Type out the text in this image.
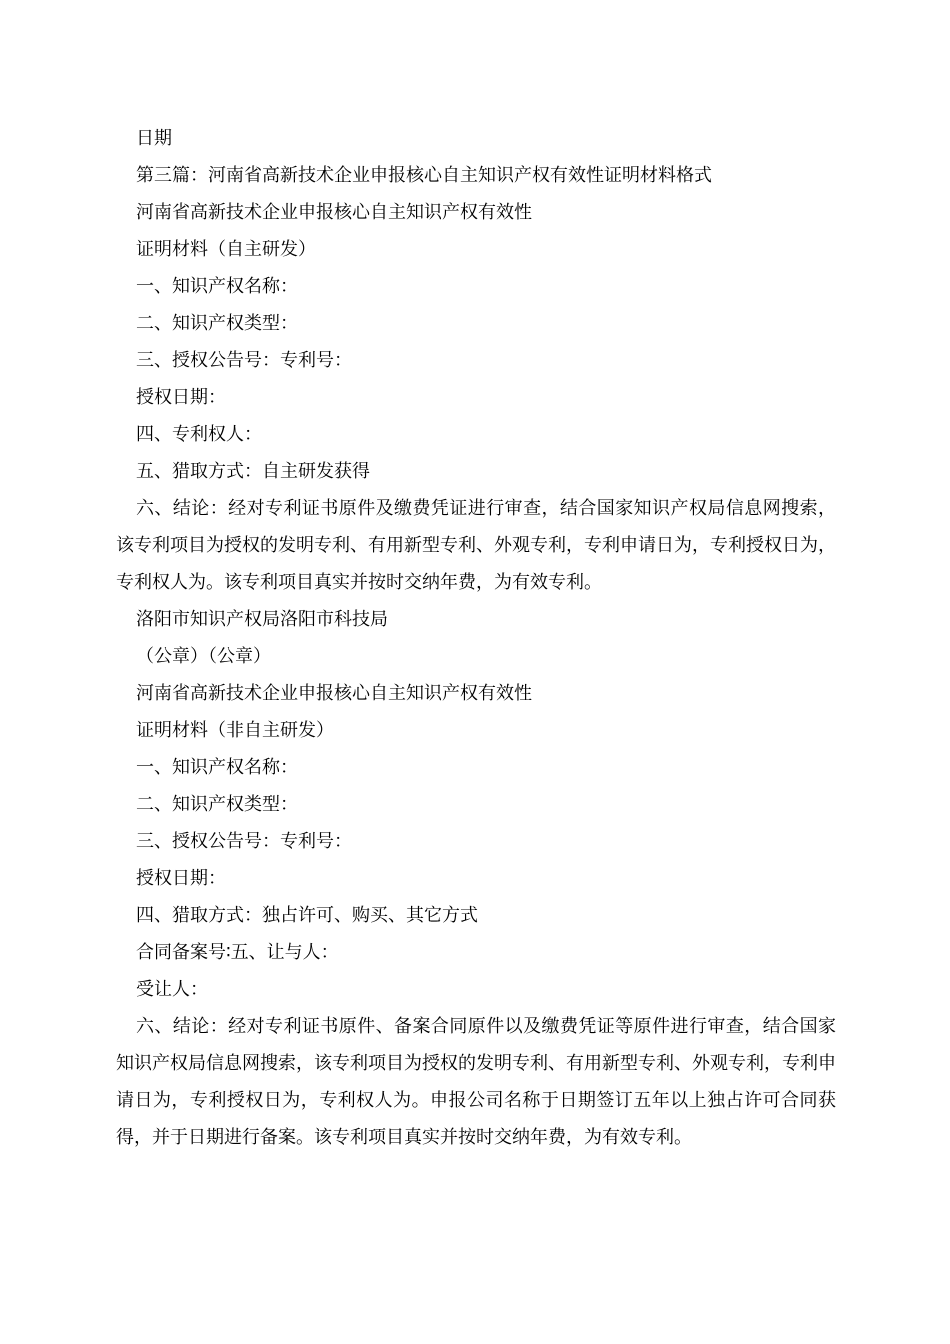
日期
第三篇：河南省高新技术企业申报核心自主知识产权有效性证明材料格式
河南省高新技术企业申报核心自主知识产权有效性
证明材料（自主研发）
一、知识产权名称：
二、知识产权类型：
三、授权公告号：专利号：
授权日期：
四、专利权人：
五、猎取方式：自主研发获得
六、结论：经对专利证书原件及缴费凭证进行审查，结合国家知识产权局信息网搜索，该专利项目为授权的发明专利、有用新型专利、外观专利，专利申请日为，专利授权日为，专利权人为。该专利项目真实并按时交纳年费，为有效专利。
洛阳市知识产权局洛阳市科技局
（公章）（公章）
河南省高新技术企业申报核心自主知识产权有效性
证明材料（非自主研发）
一、知识产权名称：
二、知识产权类型：
三、授权公告号：专利号：
授权日期：
四、猎取方式：独占许可、购买、其它方式
合同备案号∶五、让与人：
受让人：
六、结论：经对专利证书原件、备案合同原件以及缴费凭证等原件进行审查，结合国家知识产权局信息网搜索，该专利项目为授权的发明专利、有用新型专利、外观专利，专利申请日为，专利授权日为，专利权人为。申报公司名称于日期签订五年以上独占许可合同获得，并于日期进行备案。该专利项目真实并按时交纳年费，为有效专利。
